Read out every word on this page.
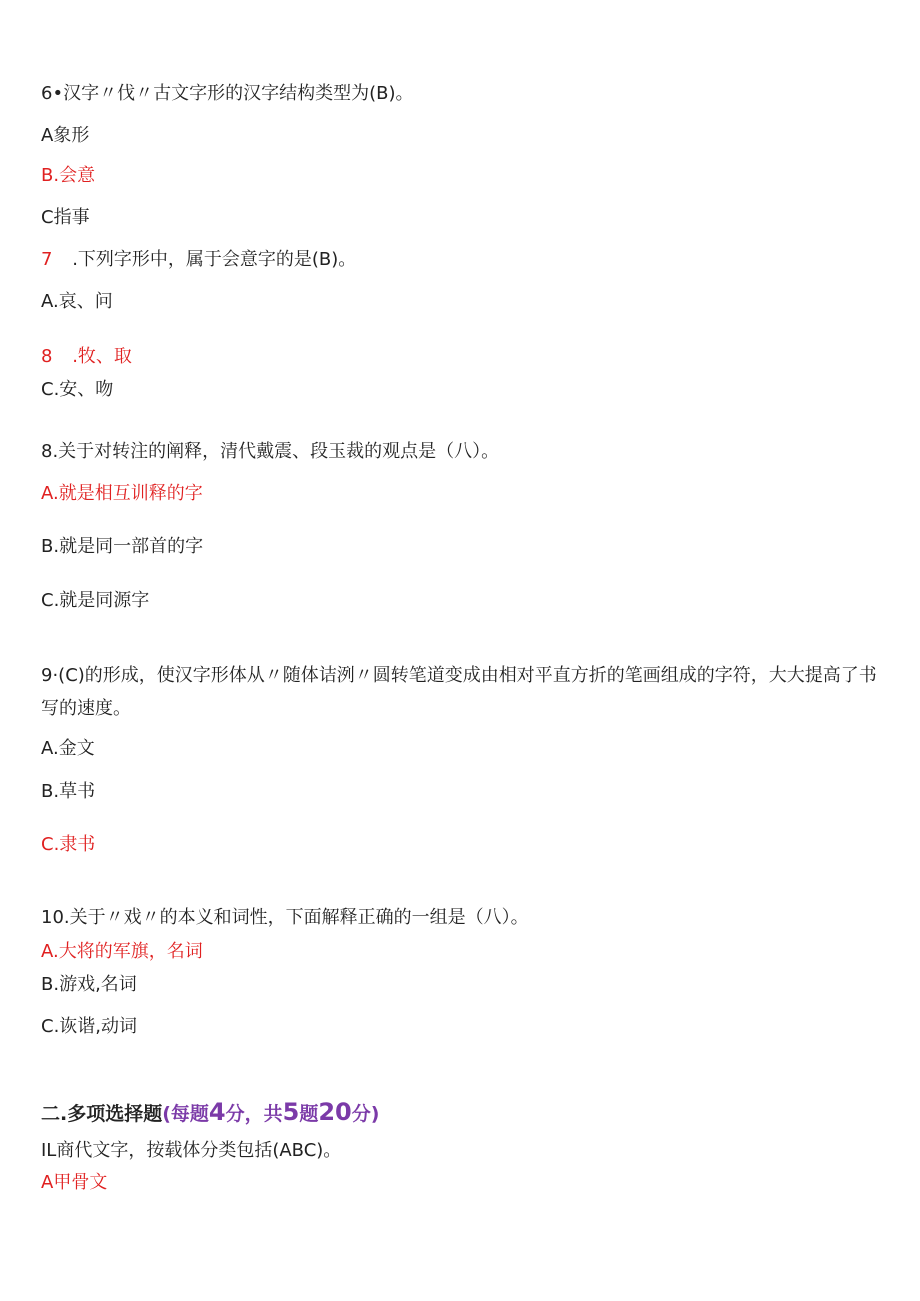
6•汉字〃伐〃古文字形的汉字结构类型为(B)。
A象形
B.会意
C指事
7 .下列字形中，属于会意字的是(B)。
A.哀、问
8 .牧、取
C.安、吻
8.关于对转注的阐释，清代戴震、段玉裁的观点是（八）。
A.就是相互训释的字
B.就是同一部首的字
C.就是同源字
9·(C)的形成，使汉字形体从〃随体诘洌〃圆转笔道变成由相对平直方折的笔画组成的字符，大大提高了书写的速度。
A.金文
B.草书
C.隶书
10.关于〃戏〃的本义和词性，下面解释正确的一组是（八）。
A.大将的军旗，名词
B.游戏,名词
C.诙谐,动词
二.多项选择题(每题4分，共5题20分)
IL商代文字，按载体分类包括(ABC)。
A甲骨文
